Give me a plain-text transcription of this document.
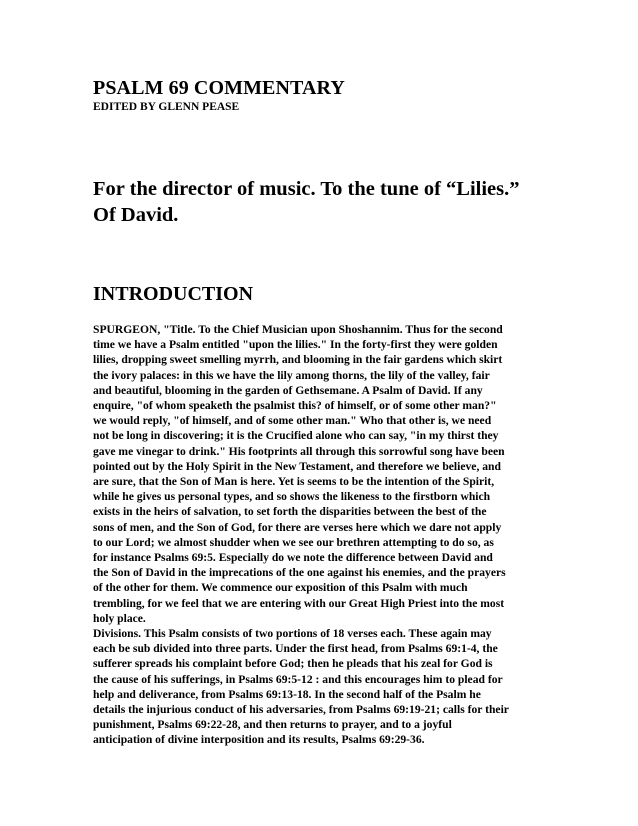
PSALM 69 COMMENTARY
EDITED BY GLENN PEASE
For the director of music. To the tune of “Lilies.”
Of David.
INTRODUCTION
SPURGEON, "Title. To the Chief Musician upon Shoshannim. Thus for the second
time we have a Psalm entitled "upon the lilies." In the forty-first they were golden
lilies, dropping sweet smelling myrrh, and blooming in the fair gardens which skirt
the ivory palaces: in this we have the lily among thorns, the lily of the valley, fair
and beautiful, blooming in the garden of Gethsemane. A Psalm of David. If any
enquire, "of whom speaketh the psalmist this? of himself, or of some other man?"
we would reply, "of himself, and of some other man." Who that other is, we need
not be long in discovering; it is the Crucified alone who can say, "in my thirst they
gave me vinegar to drink." His footprints all through this sorrowful song have been
pointed out by the Holy Spirit in the New Testament, and therefore we believe, and
are sure, that the Son of Man is here. Yet is seems to be the intention of the Spirit,
while he gives us personal types, and so shows the likeness to the firstborn which
exists in the heirs of salvation, to set forth the disparities between the best of the
sons of men, and the Son of God, for there are verses here which we dare not apply
to our Lord; we almost shudder when we see our brethren attempting to do so, as
for instance Psalms 69:5. Especially do we note the difference between David and
the Son of David in the imprecations of the one against his enemies, and the prayers
of the other for them. We commence our exposition of this Psalm with much
trembling, for we feel that we are entering with our Great High Priest into the most
holy place.
Divisions. This Psalm consists of two portions of 18 verses each. These again may
each be sub divided into three parts. Under the first head, from Psalms 69:1-4, the
sufferer spreads his complaint before God; then he pleads that his zeal for God is
the cause of his sufferings, in Psalms 69:5-12 : and this encourages him to plead for
help and deliverance, from Psalms 69:13-18. In the second half of the Psalm he
details the injurious conduct of his adversaries, from Psalms 69:19-21; calls for their
punishment, Psalms 69:22-28, and then returns to prayer, and to a joyful
anticipation of divine interposition and its results, Psalms 69:29-36.
